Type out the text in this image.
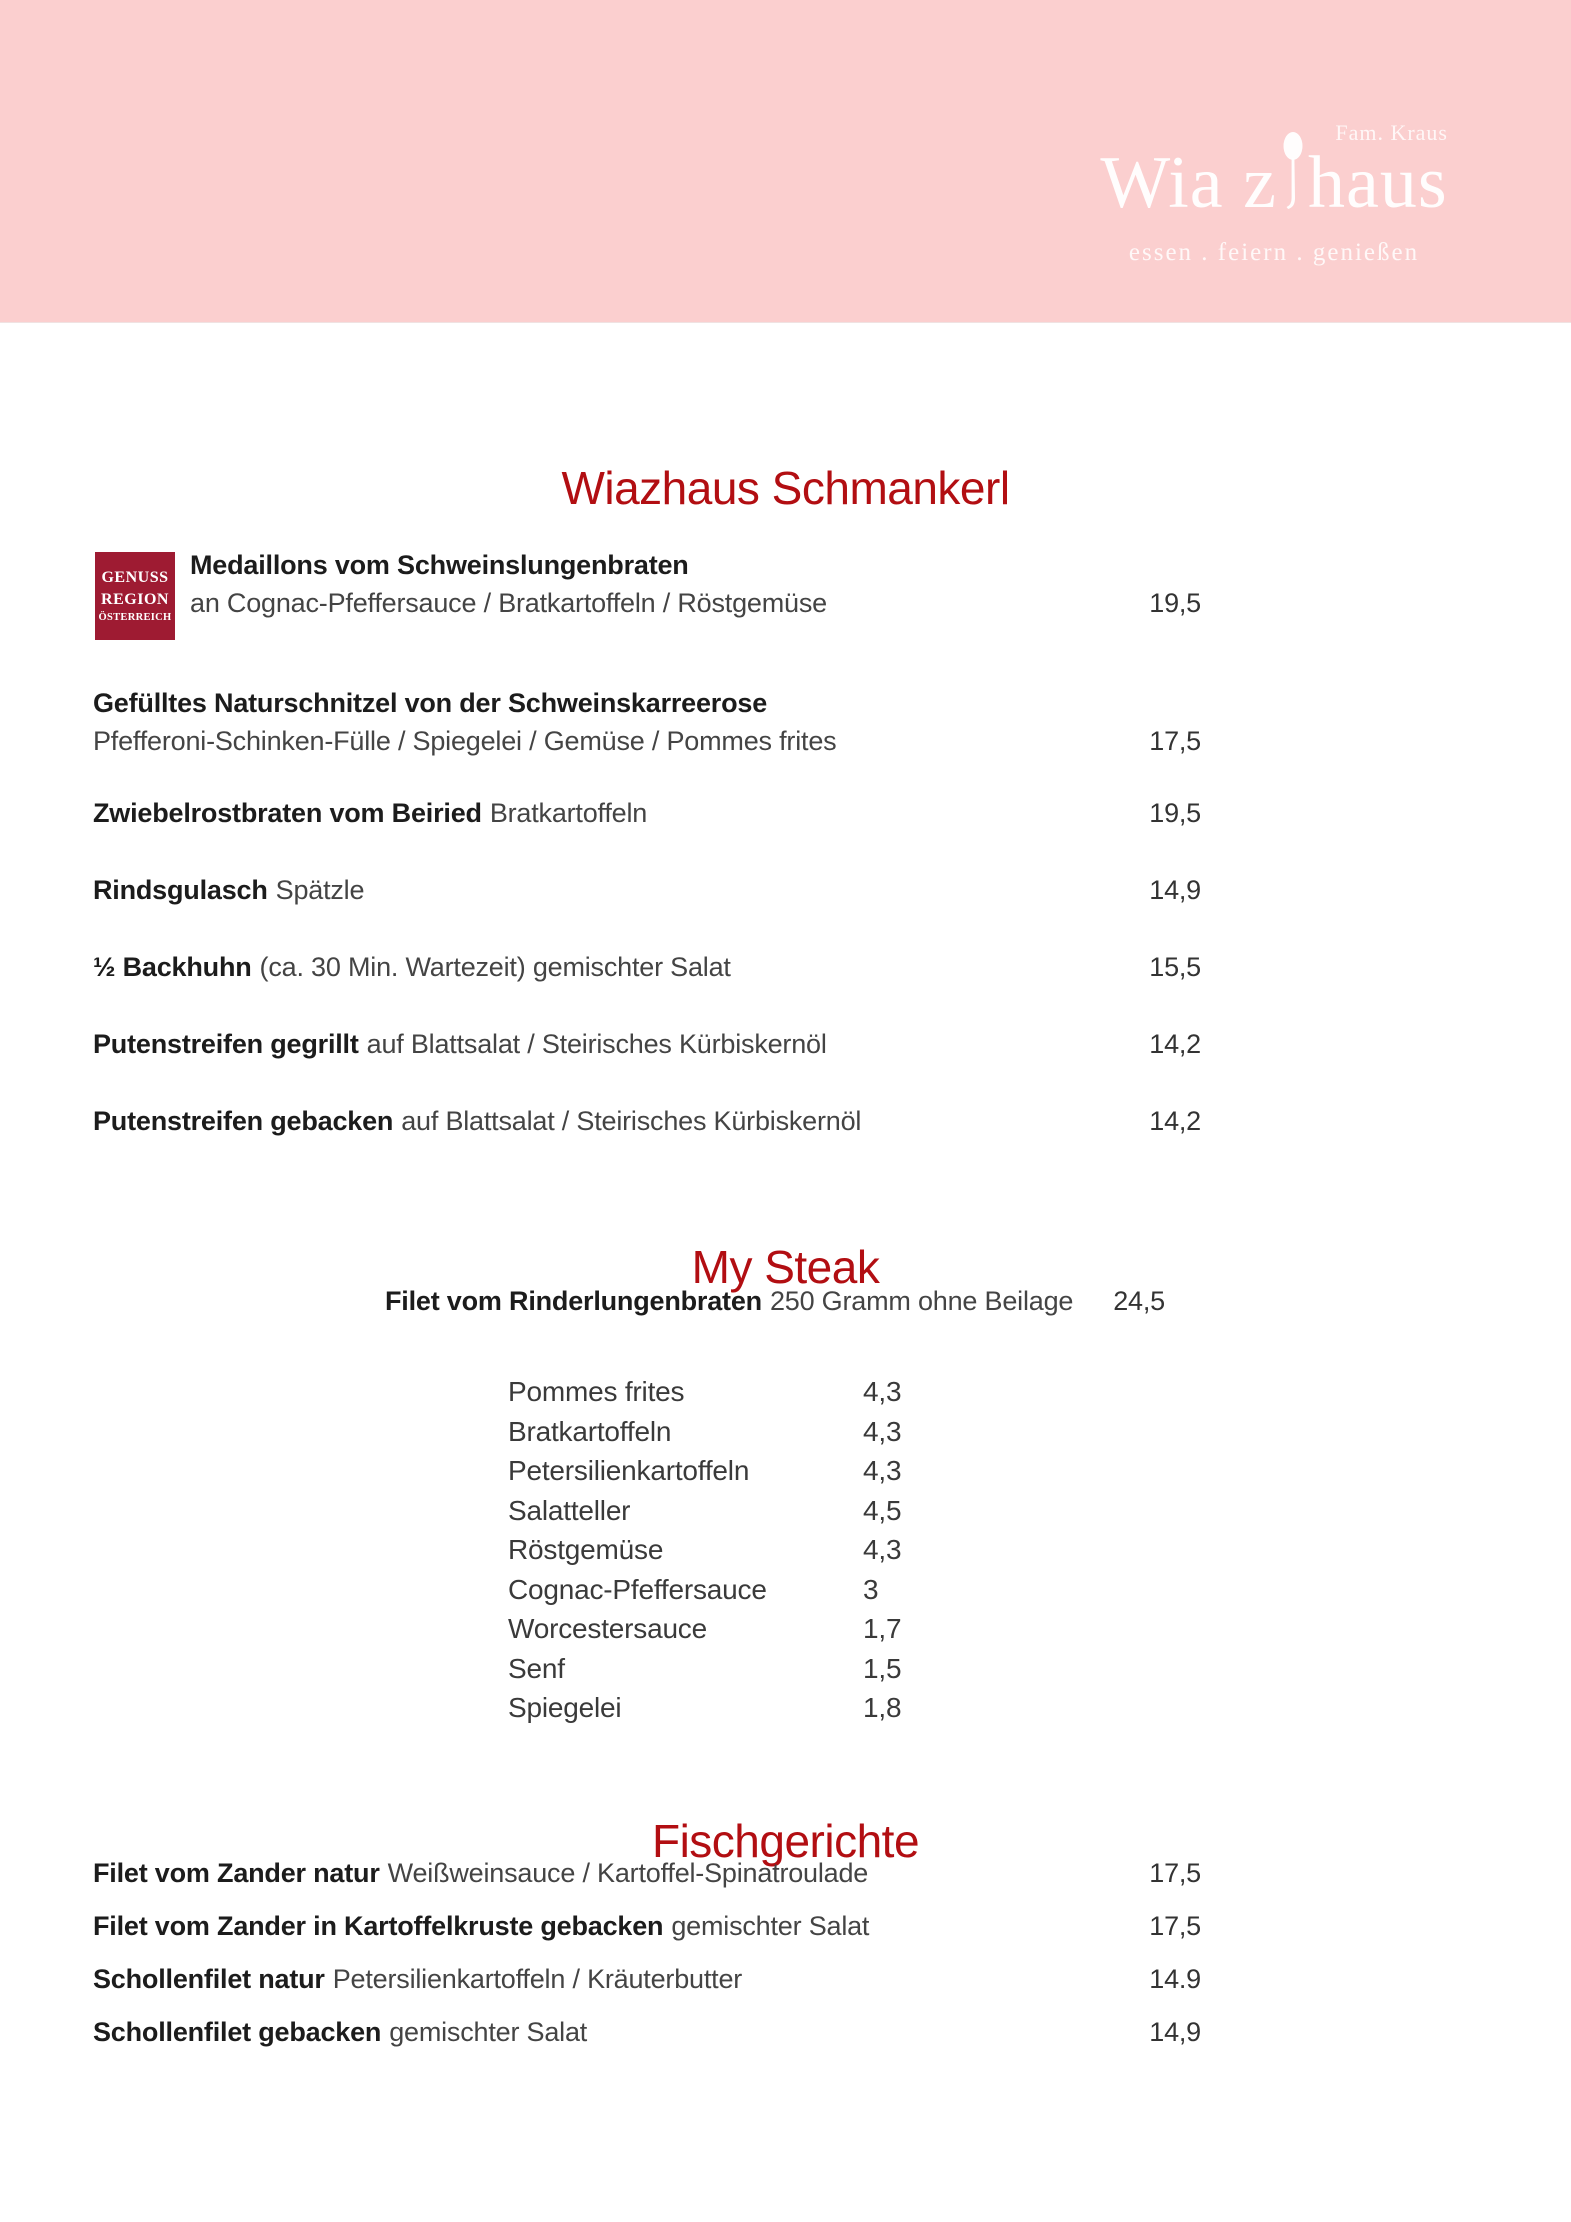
Fam. Kraus
Wia z haus
essen . feiern . genießen
Wiazhaus Schmankerl
GENUSS
REGION
ÖSTERREICH
Medaillons vom Schweinslungenbraten
an Cognac-Pfeffersauce / Bratkartoffeln / Röstgemüse	19,5
Gefülltes Naturschnitzel von der Schweinskarreerose
Pfefferoni-Schinken-Fülle / Spiegelei / Gemüse / Pommes frites	17,5
Zwiebelrostbraten vom Beiried Bratkartoffeln	19,5
Rindsgulasch Spätzle	14,9
½ Backhuhn (ca. 30 Min. Wartezeit) gemischter Salat	15,5
Putenstreifen gegrillt auf Blattsalat / Steirisches Kürbiskernöl	14,2
Putenstreifen gebacken auf Blattsalat / Steirisches Kürbiskernöl	14,2
My Steak
Filet vom Rinderlungenbraten 250 Gramm ohne Beilage 24,5
Pommes frites	4,3
Bratkartoffeln	4,3
Petersilienkartoffeln	4,3
Salatteller	4,5
Röstgemüse	4,3
Cognac-Pfeffersauce	3
Worcestersauce	1,7
Senf	1,5
Spiegelei	1,8
Fischgerichte
Filet vom Zander natur Weißweinsauce / Kartoffel-Spinatroulade	17,5
Filet vom Zander in Kartoffelkruste gebacken gemischter Salat	17,5
Schollenfilet natur Petersilienkartoffeln / Kräuterbutter	14.9
Schollenfilet gebacken gemischter Salat	14,9
